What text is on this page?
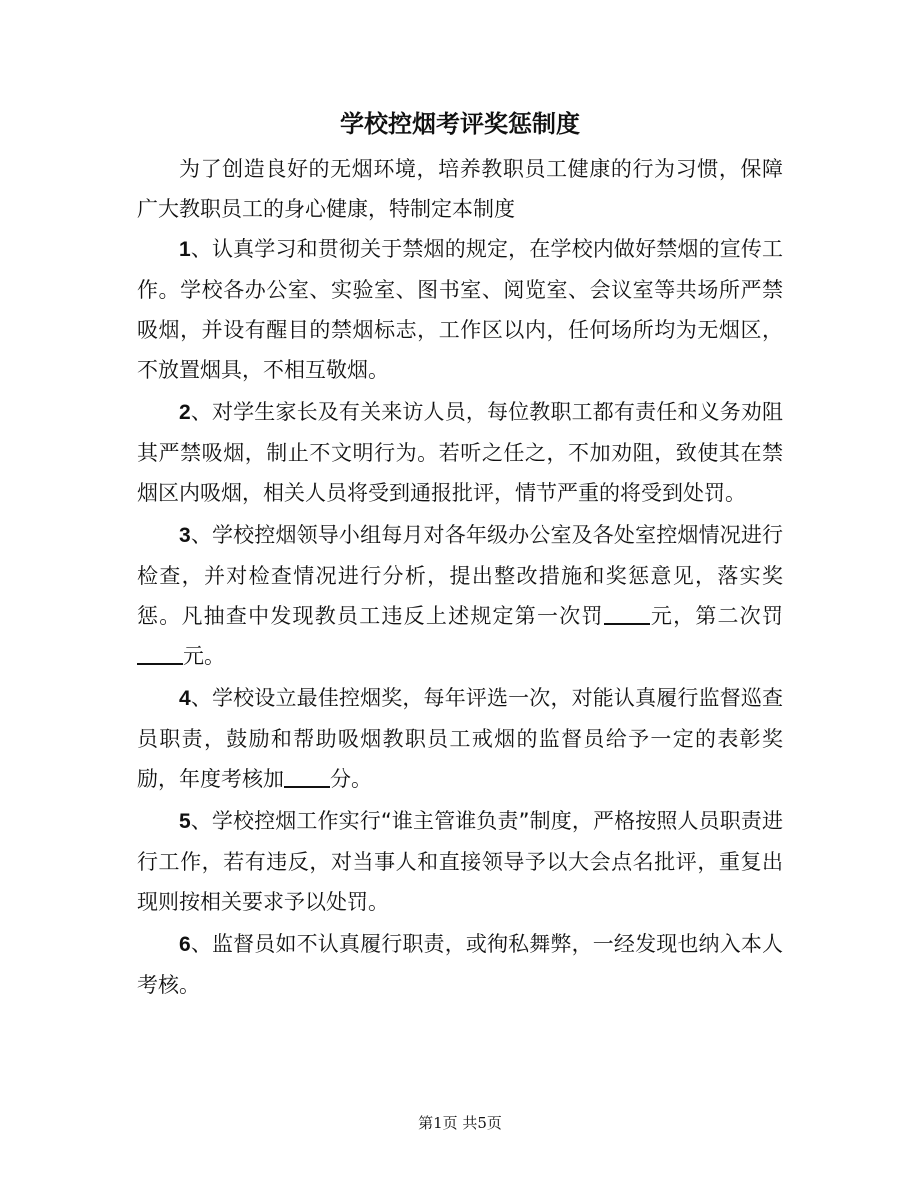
学校控烟考评奖惩制度

为了创造良好的无烟环境，培养教职员工健康的行为习惯，保障广大教职员工的身心健康，特制定本制度

1、认真学习和贯彻关于禁烟的规定，在学校内做好禁烟的宣传工作。学校各办公室、实验室、图书室、阅览室、会议室等共场所严禁吸烟，并设有醒目的禁烟标志，工作区以内，任何场所均为无烟区，不放置烟具，不相互敬烟。

2、对学生家长及有关来访人员，每位教职工都有责任和义务劝阻其严禁吸烟，制止不文明行为。若听之任之，不加劝阻，致使其在禁烟区内吸烟，相关人员将受到通报批评，情节严重的将受到处罚。

3、学校控烟领导小组每月对各年级办公室及各处室控烟情况进行检查，并对检查情况进行分析，提出整改措施和奖惩意见，落实奖惩。凡抽查中发现教员工违反上述规定第一次罚 元，第二次罚元。

4、学校设立最佳控烟奖，每年评选一次，对能认真履行监督巡查员职责，鼓励和帮助吸烟教职员工戒烟的监督员给予一定的表彰奖励，年度考核加 分。

5、学校控烟工作实行“谁主管谁负责”制度，严格按照人员职责进行工作，若有违反，对当事人和直接领导予以大会点名批评，重复出现则按相关要求予以处罚。

6、监督员如不认真履行职责，或徇私舞弊，一经发现也纳入本人考核。

第1页 共5页
